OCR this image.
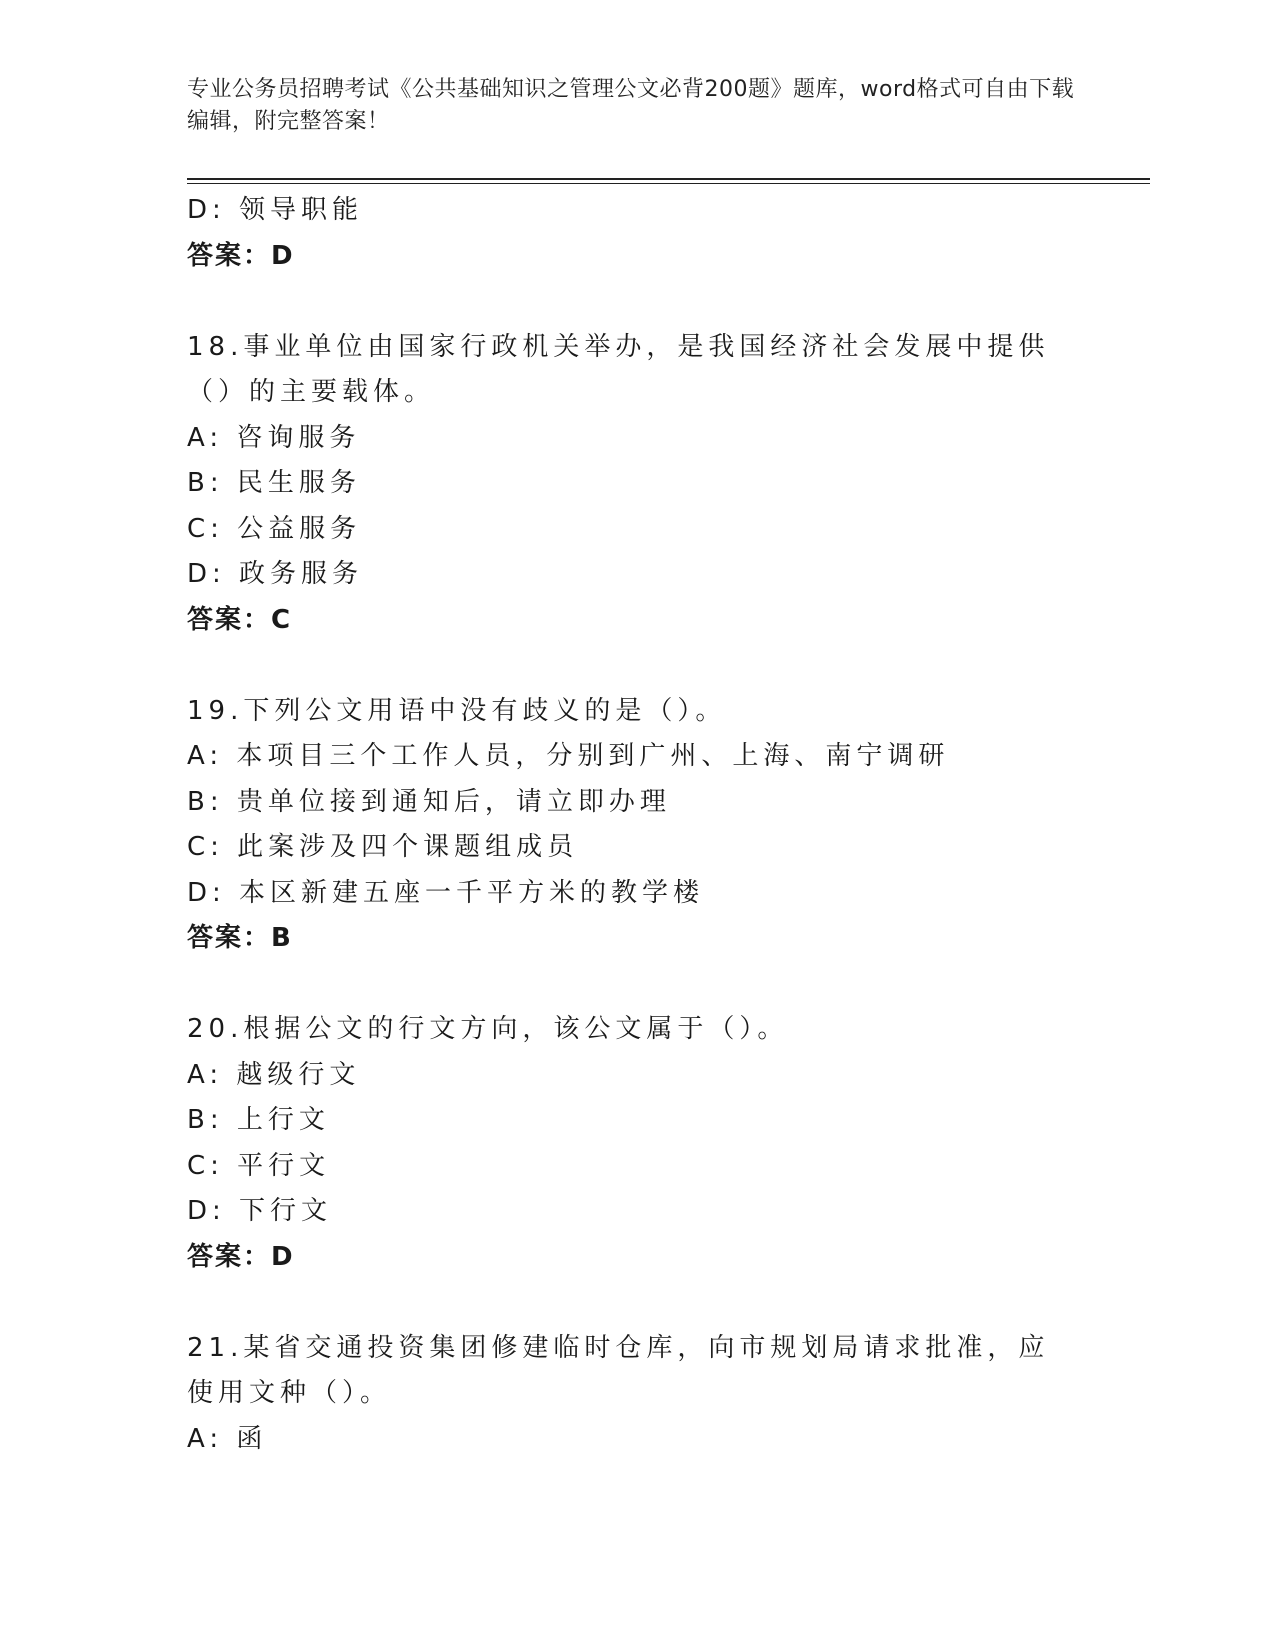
专业公务员招聘考试《公共基础知识之管理公文必背200题》题库，word格式可自由下载编辑，附完整答案！
D: 领导职能
答案：D
18.事业单位由国家行政机关举办，是我国经济社会发展中提供（）的主要载体。
A: 咨询服务
B: 民生服务
C: 公益服务
D: 政务服务
答案：C
19.下列公文用语中没有歧义的是（）。
A: 本项目三个工作人员，分别到广州、上海、南宁调研
B: 贵单位接到通知后，请立即办理
C: 此案涉及四个课题组成员
D: 本区新建五座一千平方米的教学楼
答案：B
20.根据公文的行文方向，该公文属于（）。
A: 越级行文
B: 上行文
C: 平行文
D: 下行文
答案：D
21.某省交通投资集团修建临时仓库，向市规划局请求批准，应使用文种（）。
A: 函
